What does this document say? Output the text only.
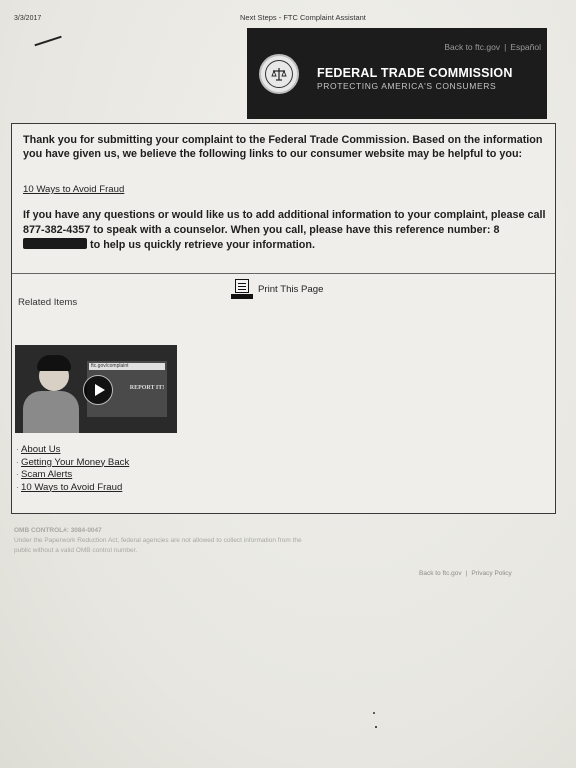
3/3/2017	Next Steps - FTC Complaint Assistant
Back to ftc.gov | Español
FEDERAL TRADE COMMISSION
PROTECTING AMERICA'S CONSUMERS

Thank you for submitting your complaint to the Federal Trade Commission. Based on the information you have given us, we believe the following links to our consumer website may be helpful to you:

10 Ways to Avoid Fraud

If you have any questions or would like us to add additional information to your complaint, please call 877-382-4357 to speak with a counselor. When you call, please have this reference number: 8 to help us quickly retrieve your information.

Print This Page
Related Items
ftc.gov/complaint
REPORT IT!
· About Us
· Getting Your Money Back
· Scam Alerts
· 10 Ways to Avoid Fraud
OMB CONTROL#: 3084-0047
Under the Paperwork Reduction Act, federal agencies are not allowed to collect information from the public without a valid OMB control number.
Back to ftc.gov | Privacy Policy
